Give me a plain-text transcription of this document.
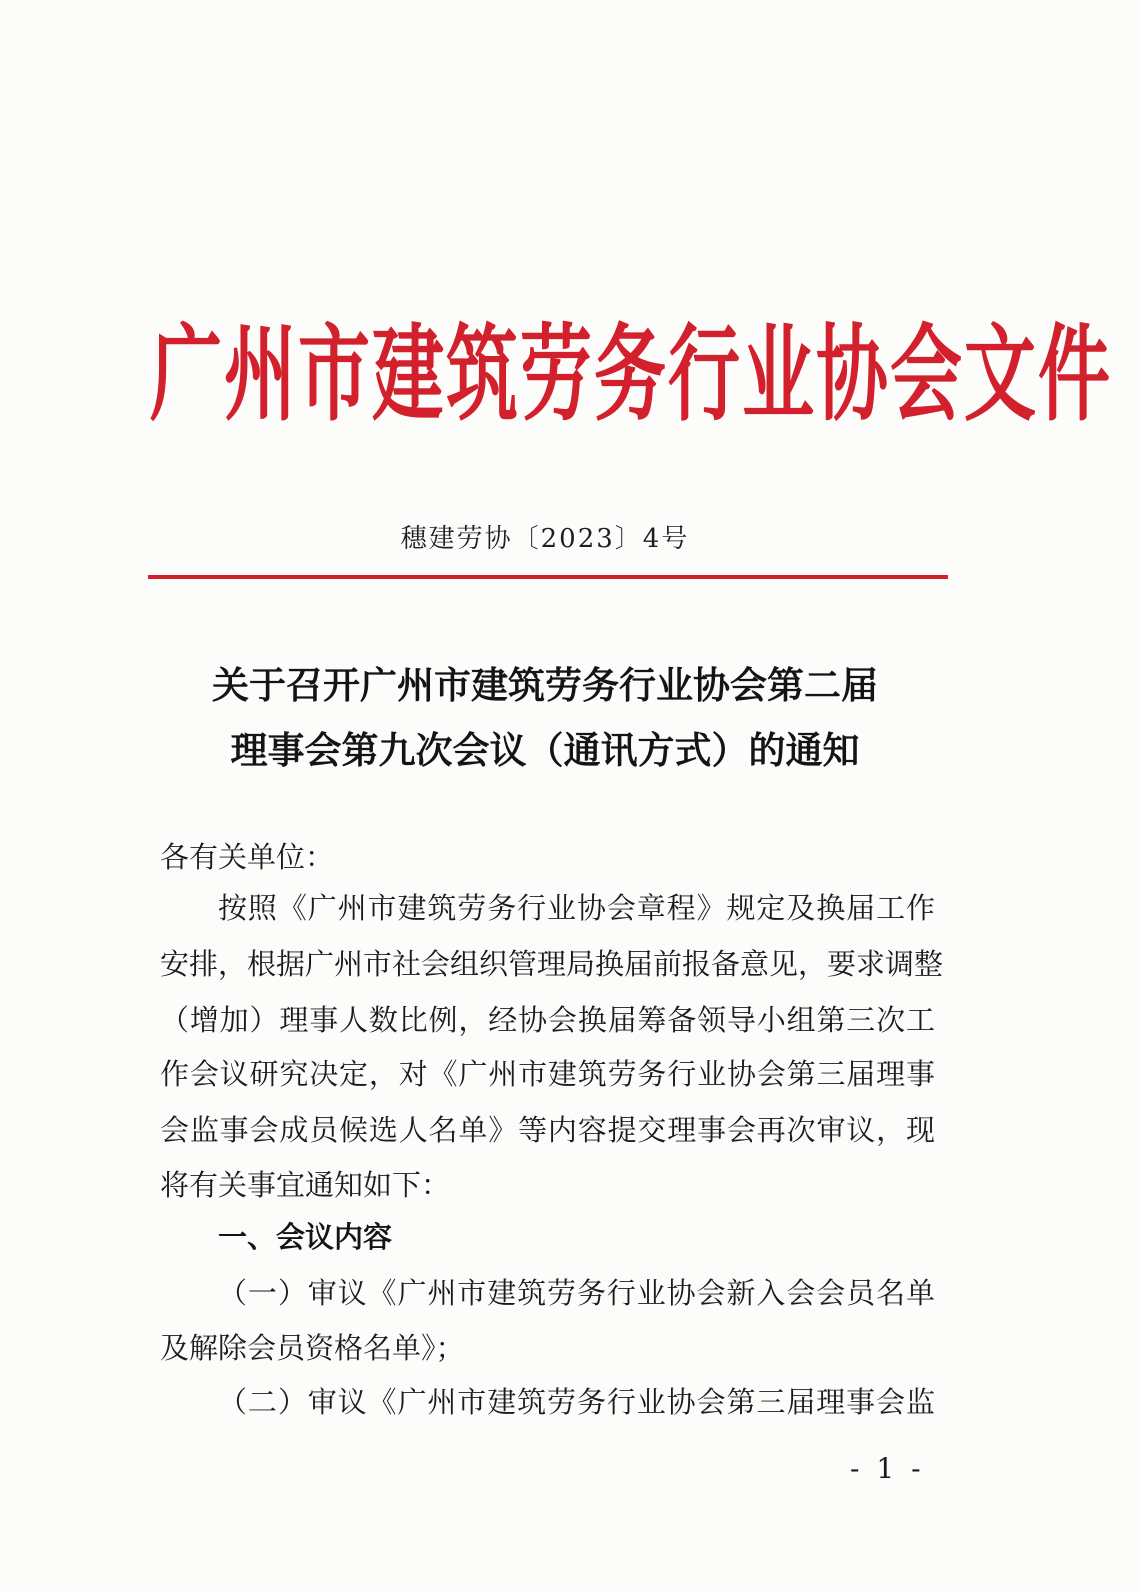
广州市建筑劳务行业协会文件
穗建劳协〔2023〕4号
关于召开广州市建筑劳务行业协会第二届
理事会第九次会议（通讯方式）的通知
各有关单位：
按照《广州市建筑劳务行业协会章程》规定及换届工作
安排，根据广州市社会组织管理局换届前报备意见，要求调整
（增加）理事人数比例，经协会换届筹备领导小组第三次工
作会议研究决定，对《广州市建筑劳务行业协会第三届理事
会监事会成员候选人名单》等内容提交理事会再次审议，现
将有关事宜通知如下：
一、会议内容
（一）审议《广州市建筑劳务行业协会新入会会员名单
及解除会员资格名单》；
（二）审议《广州市建筑劳务行业协会第三届理事会监
- 1 -
